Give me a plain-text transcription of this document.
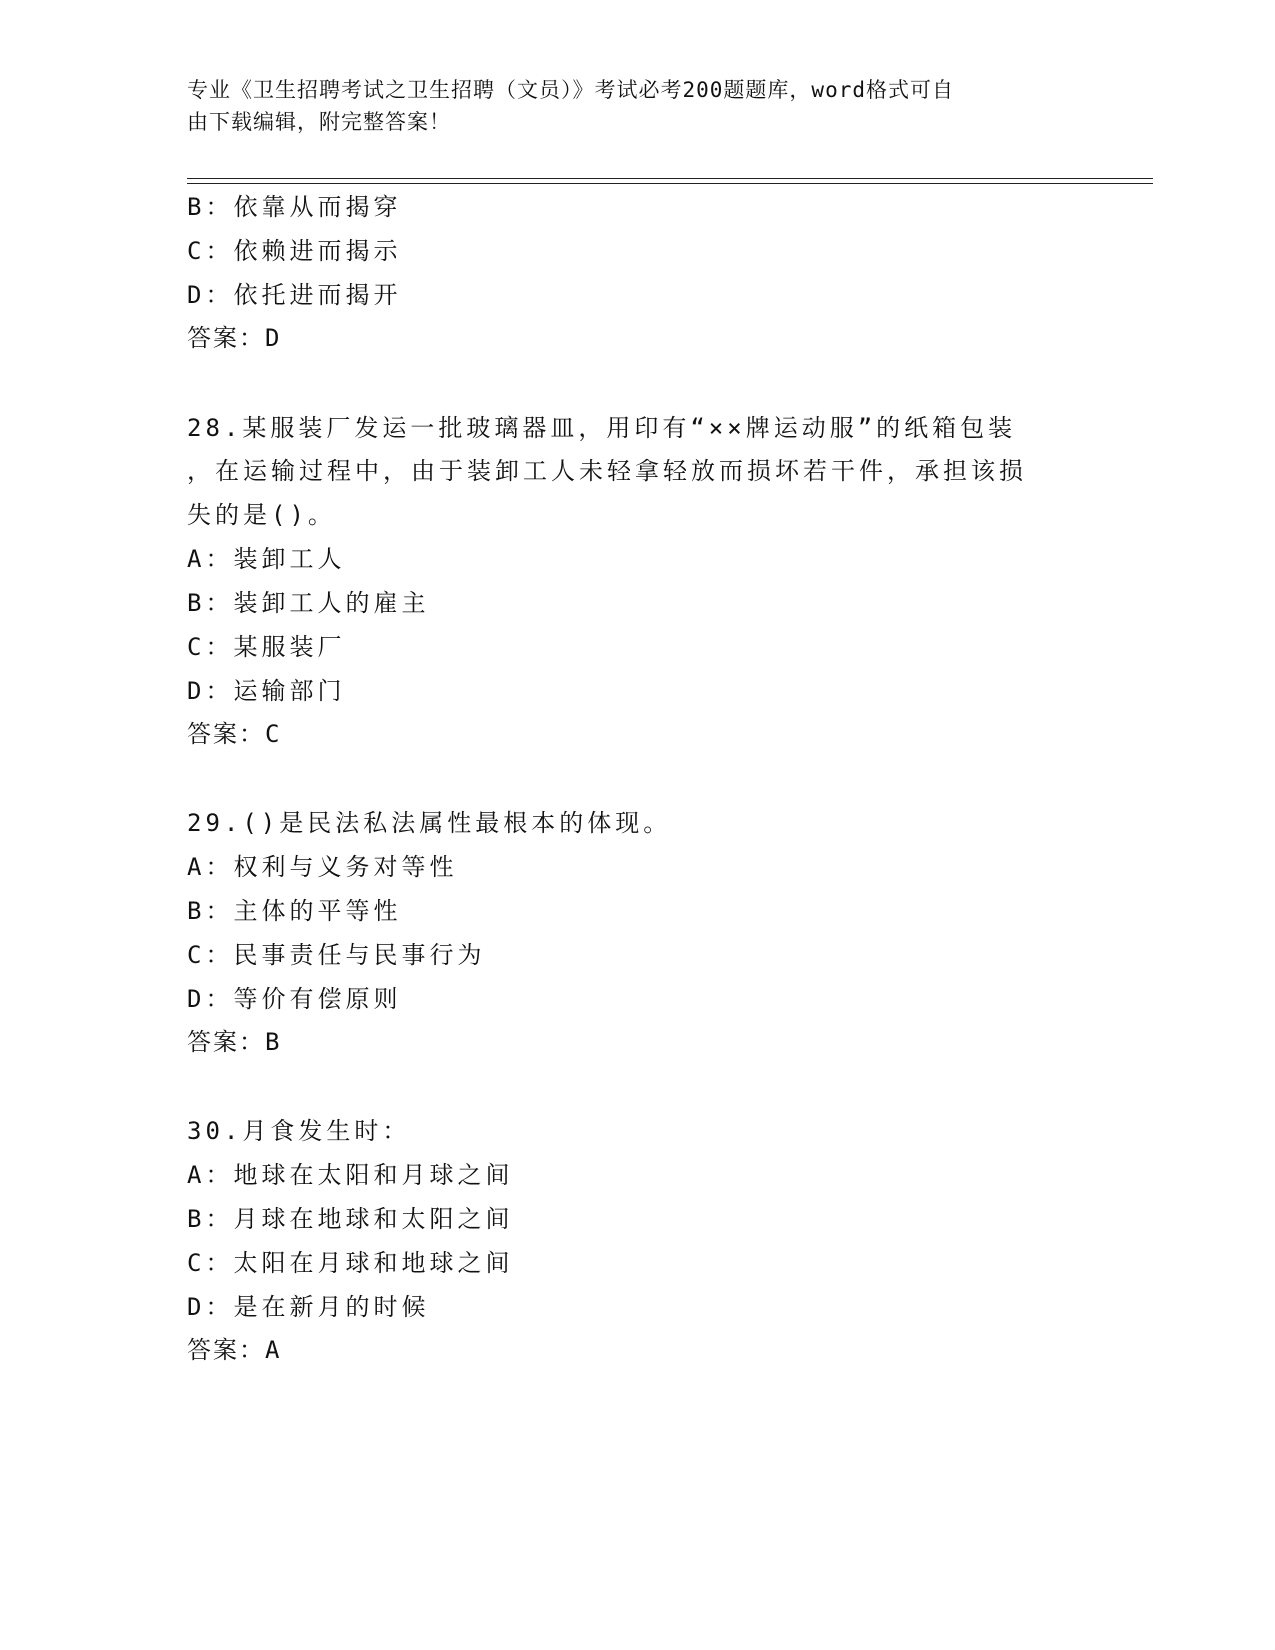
专业《卫生招聘考试之卫生招聘（文员）》考试必考200题题库，word格式可自
由下载编辑，附完整答案！
B：依靠从而揭穿
C：依赖进而揭示
D：依托进而揭开
答案：D
28.某服装厂发运一批玻璃器皿，用印有“××牌运动服”的纸箱包装
，在运输过程中，由于装卸工人未轻拿轻放而损坏若干件，承担该损
失的是()。
A：装卸工人
B：装卸工人的雇主
C：某服装厂
D：运输部门
答案：C
29.()是民法私法属性最根本的体现。
A：权利与义务对等性
B：主体的平等性
C：民事责任与民事行为
D：等价有偿原则
答案：B
30.月食发生时：
A：地球在太阳和月球之间
B：月球在地球和太阳之间
C：太阳在月球和地球之间
D：是在新月的时候
答案：A
